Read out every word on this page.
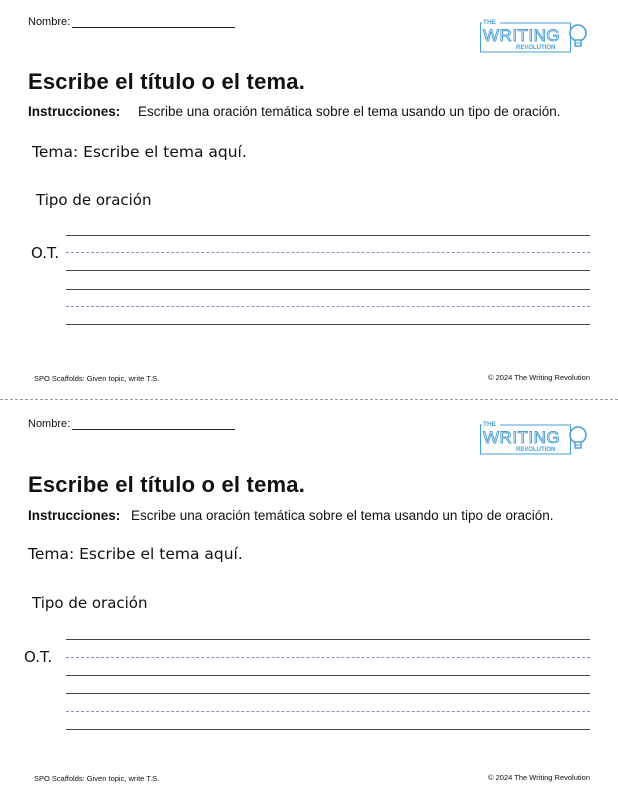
Nombre:	THE
WRITING
REVOLUTION
Escribe el título o el tema.
Instrucciones:	Escribe una oración temática sobre el tema usando un tipo de oración.
Tema: Escribe el tema aquí.
Tipo de oración
O.T.
SPO Scaffolds: Given topic, write T.S.	© 2024 The Writing Revolution
Nombre:	THE
WRITING
REVOLUTION
Escribe el título o el tema.
Instrucciones: Escribe una oración temática sobre el tema usando un tipo de oración.
Tema: Escribe el tema aquí.
Tipo de oración
O.T.
SPO Scaffolds: Given topic, write T.S.	© 2024 The Writing Revolution
